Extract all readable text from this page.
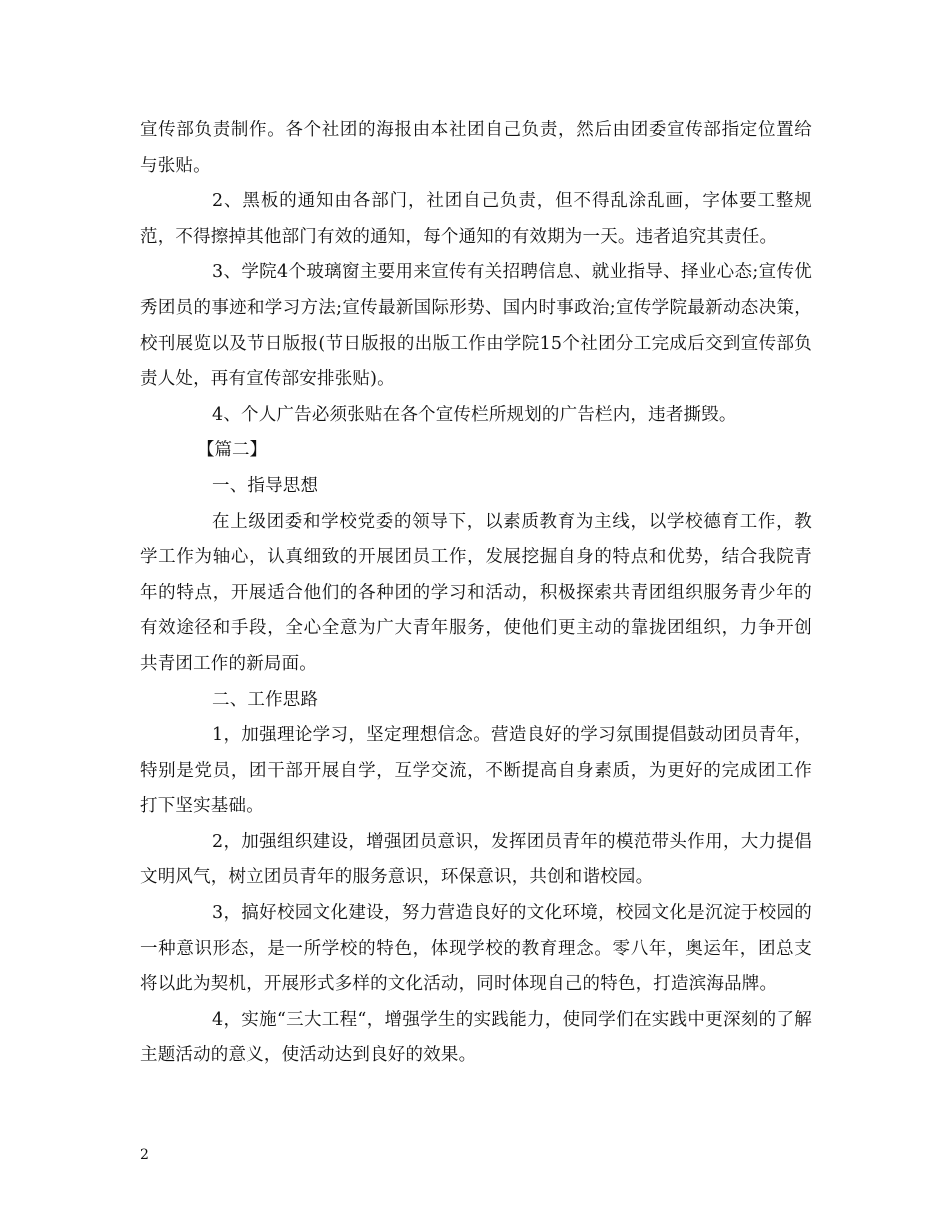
宣传部负责制作。各个社团的海报由本社团自己负责，然后由团委宣传部指定位置给与张贴。

2、黑板的通知由各部门，社团自己负责，但不得乱涂乱画，字体要工整规范，不得擦掉其他部门有效的通知，每个通知的有效期为一天。违者追究其责任。

3、学院4个玻璃窗主要用来宣传有关招聘信息、就业指导、择业心态;宣传优秀团员的事迹和学习方法;宣传最新国际形势、国内时事政治;宣传学院最新动态决策，校刊展览以及节日版报(节日版报的出版工作由学院15个社团分工完成后交到宣传部负责人处，再有宣传部安排张贴)。

4、个人广告必须张贴在各个宣传栏所规划的广告栏内，违者撕毁。

【篇二】

一、指导思想

在上级团委和学校党委的领导下，以素质教育为主线，以学校德育工作，教学工作为轴心，认真细致的开展团员工作，发展挖掘自身的特点和优势，结合我院青年的特点，开展适合他们的各种团的学习和活动，积极探索共青团组织服务青少年的有效途径和手段，全心全意为广大青年服务，使他们更主动的靠拢团组织，力争开创共青团工作的新局面。

二、工作思路

1，加强理论学习，坚定理想信念。营造良好的学习氛围提倡鼓动团员青年，特别是党员，团干部开展自学，互学交流，不断提高自身素质，为更好的完成团工作打下坚实基础。

2，加强组织建设，增强团员意识，发挥团员青年的模范带头作用，大力提倡文明风气，树立团员青年的服务意识，环保意识，共创和谐校园。

3，搞好校园文化建设，努力营造良好的文化环境，校园文化是沉淀于校园的一种意识形态，是一所学校的特色，体现学校的教育理念。零八年，奥运年，团总支将以此为契机，开展形式多样的文化活动，同时体现自己的特色，打造滨海品牌。

4，实施“三大工程“，增强学生的实践能力，使同学们在实践中更深刻的了解主题活动的意义，使活动达到良好的效果。

2
